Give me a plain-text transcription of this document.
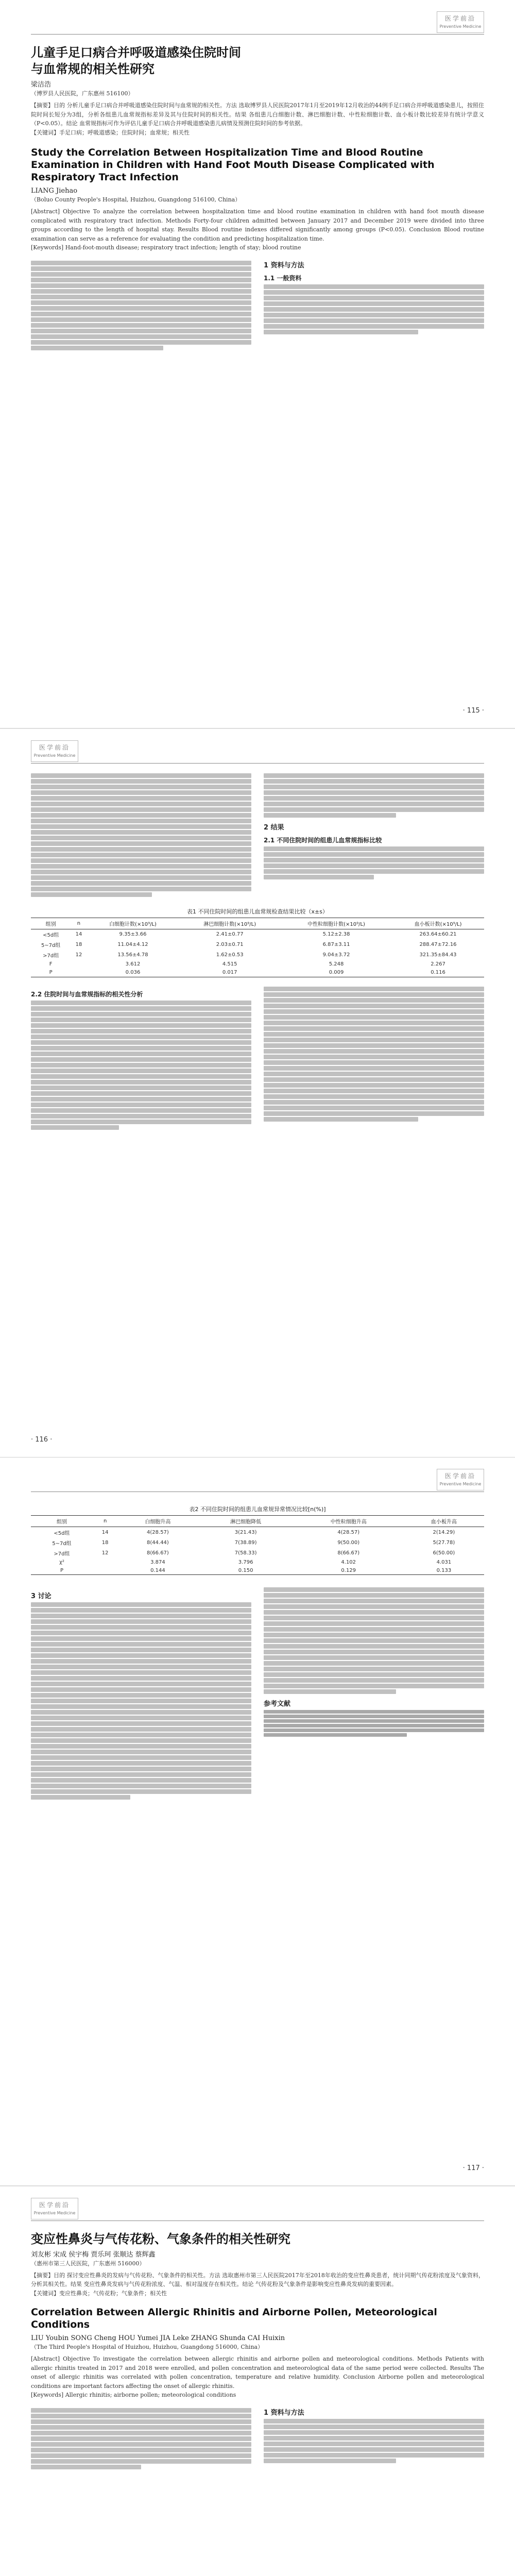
医学前沿
Preventive Medicine
儿童手足口病合并呼吸道感染住院时间与血常规的相关性研究
梁洁浩
（博罗县人民医院，广东惠州 516100）
【摘要】目的 分析儿童手足口病合并呼吸道感染住院时间与血常规的相关性。方法 选取博罗县人民医院2017年1月至2019年12月收治的44例手足口病合并呼吸道感染患儿，按照住院时间长短分为3组，分析各组患儿血常规指标差异及其与住院时间的相关性。结果 各组患儿白细胞计数、淋巴细胞计数、中性粒细胞计数、血小板计数比较差异有统计学意义（P<0.05）。结论 血常规指标可作为评估儿童手足口病合并呼吸道感染患儿病情及预测住院时间的参考依据。
【关键词】手足口病；呼吸道感染；住院时间；血常规；相关性
Study the Correlation Between Hospitalization Time and Blood Routine Examination in Children with Hand Foot Mouth Disease Complicated with Respiratory Tract Infection
LIANG Jiehao
（Boluo County People's Hospital, Huizhou, Guangdong 516100, China）
[Abstract] Objective To analyze the correlation between hospitalization time and blood routine examination in children with hand foot mouth disease complicated with respiratory tract infection. Methods Forty-four children admitted between January 2017 and December 2019 were divided into three groups according to the length of hospital stay. Results Blood routine indexes differed significantly among groups (P<0.05). Conclusion Blood routine examination can serve as a reference for evaluating the condition and predicting hospitalization time.
[Keywords] Hand-foot-mouth disease; respiratory tract infection; length of stay; blood routine
1 资料与方法
1.1 一般资料
· 115 ·
医学前沿
Preventive Medicine
2 结果
2.1 不同住院时间的组患儿血常规指标比较
表1 不同住院时间的组患儿血常规检查结果比较（x±s）
组别	n	白细胞计数(×10⁹/L)	淋巴细胞计数(×10⁹/L)	中性粒细胞计数(×10⁹/L)	血小板计数(×10⁹/L)
<5d组	14	9.35±3.66	2.41±0.77	5.12±2.38	263.64±60.21
5~7d组	18	11.04±4.12	2.03±0.71	6.87±3.11	288.47±72.16
>7d组	12	13.56±4.78	1.62±0.53	9.04±3.72	321.35±84.43
F		3.612	4.515	5.248	2.267
P		0.036	0.017	0.009	0.116
2.2 住院时间与血常规指标的相关性分析
· 116 ·
医学前沿
Preventive Medicine
表2 不同住院时间的组患儿血常规异常情况比较[n(%)]
组别	n	白细胞升高	淋巴细胞降低	中性粒细胞升高	血小板升高
<5d组	14	4(28.57)	3(21.43)	4(28.57)	2(14.29)
5~7d组	18	8(44.44)	7(38.89)	9(50.00)	5(27.78)
>7d组	12	8(66.67)	7(58.33)	8(66.67)	6(50.00)
χ²		3.874	3.796	4.102	4.031
P		0.144	0.150	0.129	0.133
3 讨论
参考文献
· 117 ·
医学前沿
Preventive Medicine
变应性鼻炎与气传花粉、气象条件的相关性研究
刘友彬 宋成 侯宇梅 贾乐珂 张顺达 蔡辉鑫
（惠州市第三人民医院，广东惠州 516000）
【摘要】目的 探讨变应性鼻炎的发病与气传花粉、气象条件的相关性。方法 选取惠州市第三人民医院2017年至2018年收治的变应性鼻炎患者，统计同期气传花粉浓度及气象资料，分析其相关性。结果 变应性鼻炎发病与气传花粉浓度、气温、相对湿度存在相关性。结论 气传花粉及气象条件是影响变应性鼻炎发病的重要因素。
【关键词】变应性鼻炎；气传花粉；气象条件；相关性
Correlation Between Allergic Rhinitis and Airborne Pollen, Meteorological Conditions
LIU Youbin SONG Cheng HOU Yumei JIA Leke ZHANG Shunda CAI Huixin
（The Third People's Hospital of Huizhou, Huizhou, Guangdong 516000, China）
[Abstract] Objective To investigate the correlation between allergic rhinitis and airborne pollen and meteorological conditions. Methods Patients with allergic rhinitis treated in 2017 and 2018 were enrolled, and pollen concentration and meteorological data of the same period were collected. Results The onset of allergic rhinitis was correlated with pollen concentration, temperature and relative humidity. Conclusion Airborne pollen and meteorological conditions are important factors affecting the onset of allergic rhinitis.
[Keywords] Allergic rhinitis; airborne pollen; meteorological conditions
1 资料与方法
